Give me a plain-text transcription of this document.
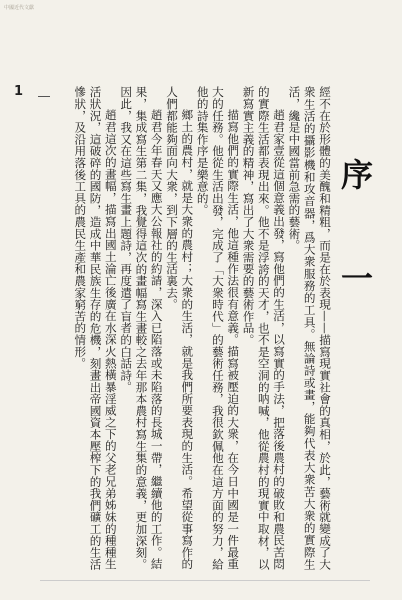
中國近代文獻
1
序 一

經不在於形體的美醜和精粗，而是在於表現——描寫現實社會的真相，於此，藝術就變成了大衆生活的攝影機和攻音器，爲大衆服務的工具。無論詩或畫，能夠代表大衆苦大衆的實際生活，纔是中國當前急需的藝術。

趙君家壹從這個意義出發，寫他們的生活，以寫實的手法，把落後農村的破敗和農民苦悶的實際生活都表現出來。他不是浮誇的天才，也不是空洞的呐喊，他從農村的現實中取材，以新寫實主義的精神，寫出了大衆需要的藝術作品。

描寫他們的實際生活，他這種作法很有意義。描寫被壓迫的大衆，在今日中國是一件最重大的任務。他從生活出發，完成了「大衆時代」的藝術任務，我很欽佩他在這方面的努力，給他的詩集作序是樂意的。

鄉土的農村，就是大衆的農村；大衆的生活，就是我們所要表現的生活。希望從事寫作的人們都能夠面向大衆，到下層的生活裏去。

趙君今年春天又應大公報社的約請，深入已陷落或未陷落的長城一帶，繼續他的工作。結果，集成寫生第二集，我覺得這次的畫幅寫生畫較之去年那本農村寫生集的意義，更加深刻。因此，我又在這些寫生畫上題詩，再度遣了盲者的白話詩。

趙君這次的畫幅，描寫出國土淪亡後廣在水深火熱橫暴淫威之下的父老兄弟姊妹的種種生活狀況，這破碎的國防，造成中華民族生存的危機，刻畫出帝國資本壓榨下的我們礦工的生活慘狀，及沿用落後工具的農民生產和農家窮苦的情形。
